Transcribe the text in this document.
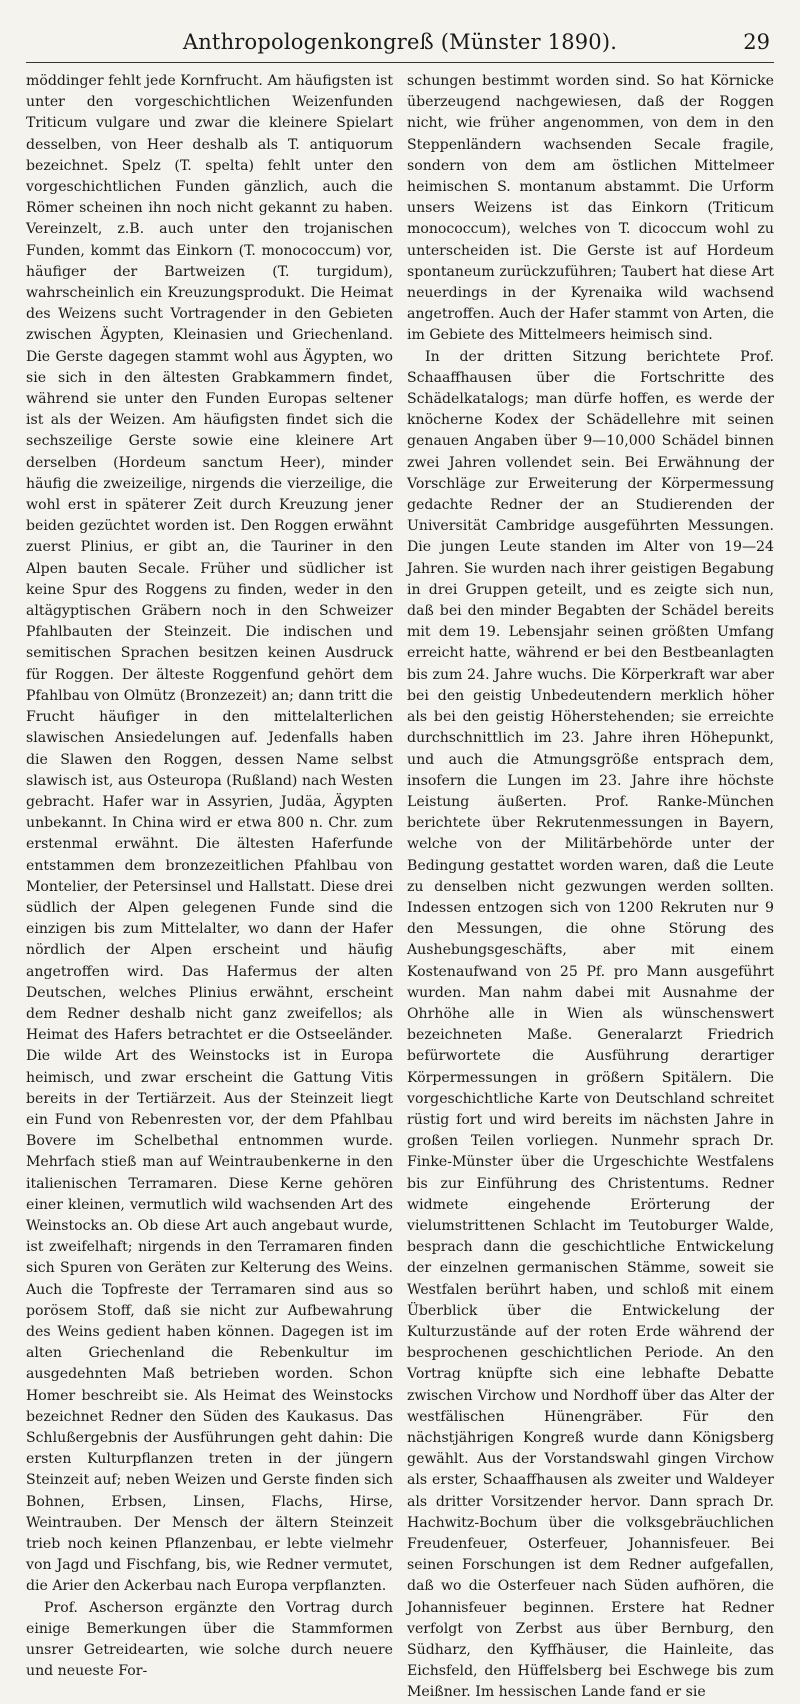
Anthropologenkongreß (Münster 1890).	29

möddinger fehlt jede Kornfrucht. Am häufigsten ist unter den vorgeschichtlichen Weizenfunden Triticum vulgare und zwar die kleinere Spielart desselben, von Heer deshalb als T. antiquorum bezeichnet. Spelz (T. spelta) fehlt unter den vorgeschichtlichen Funden gänzlich, auch die Römer scheinen ihn noch nicht gekannt zu haben. Vereinzelt, z.B. auch unter den trojanischen Funden, kommt das Einkorn (T. monococcum) vor, häufiger der Bartweizen (T. turgidum), wahrscheinlich ein Kreuzungsprodukt. Die Heimat des Weizens sucht Vortragender in den Gebieten zwischen Ägypten, Kleinasien und Griechenland. Die Gerste dagegen stammt wohl aus Ägypten, wo sie sich in den ältesten Grabkammern findet, während sie unter den Funden Europas seltener ist als der Weizen. Am häufigsten findet sich die sechszeilige Gerste sowie eine kleinere Art derselben (Hordeum sanctum Heer), minder häufig die zweizeilige, nirgends die vierzeilige, die wohl erst in späterer Zeit durch Kreuzung jener beiden gezüchtet worden ist. Den Roggen erwähnt zuerst Plinius, er gibt an, die Tauriner in den Alpen bauten Secale. Früher und südlicher ist keine Spur des Roggens zu finden, weder in den altägyptischen Gräbern noch in den Schweizer Pfahlbauten der Steinzeit. Die indischen und semitischen Sprachen besitzen keinen Ausdruck für Roggen. Der älteste Roggenfund gehört dem Pfahlbau von Olmütz (Bronzezeit) an; dann tritt die Frucht häufiger in den mittelalterlichen slawischen Ansiedelungen auf. Jedenfalls haben die Slawen den Roggen, dessen Name selbst slawisch ist, aus Osteuropa (Rußland) nach Westen gebracht. Hafer war in Assyrien, Judäa, Ägypten unbekannt. In China wird er etwa 800 n. Chr. zum erstenmal erwähnt. Die ältesten Haferfunde entstammen dem bronzezeitlichen Pfahlbau von Montelier, der Petersinsel und Hallstatt. Diese drei südlich der Alpen gelegenen Funde sind die einzigen bis zum Mittelalter, wo dann der Hafer nördlich der Alpen erscheint und häufig angetroffen wird. Das Hafermus der alten Deutschen, welches Plinius erwähnt, erscheint dem Redner deshalb nicht ganz zweifellos; als Heimat des Hafers betrachtet er die Ostseeländer. Die wilde Art des Weinstocks ist in Europa heimisch, und zwar erscheint die Gattung Vitis bereits in der Tertiärzeit. Aus der Steinzeit liegt ein Fund von Rebenresten vor, der dem Pfahlbau Bovere im Schelbethal entnommen wurde. Mehrfach stieß man auf Weintraubenkerne in den italienischen Terramaren. Diese Kerne gehören einer kleinen, vermutlich wild wachsenden Art des Weinstocks an. Ob diese Art auch angebaut wurde, ist zweifelhaft; nirgends in den Terramaren finden sich Spuren von Geräten zur Kelterung des Weins. Auch die Topfreste der Terramaren sind aus so porösem Stoff, daß sie nicht zur Aufbewahrung des Weins gedient haben können. Dagegen ist im alten Griechenland die Rebenkultur im ausgedehnten Maß betrieben worden. Schon Homer beschreibt sie. Als Heimat des Weinstocks bezeichnet Redner den Süden des Kaukasus. Das Schlußergebnis der Ausführungen geht dahin: Die ersten Kulturpflanzen treten in der jüngern Steinzeit auf; neben Weizen und Gerste finden sich Bohnen, Erbsen, Linsen, Flachs, Hirse, Weintrauben. Der Mensch der ältern Steinzeit trieb noch keinen Pflanzenbau, er lebte vielmehr von Jagd und Fischfang, bis, wie Redner vermutet, die Arier den Ackerbau nach Europa verpflanzten.

Prof. Ascherson ergänzte den Vortrag durch einige Bemerkungen über die Stammformen unsrer Getreidearten, wie solche durch neuere und neueste For-

schungen bestimmt worden sind. So hat Körnicke überzeugend nachgewiesen, daß der Roggen nicht, wie früher angenommen, von dem in den Steppenländern wachsenden Secale fragile, sondern von dem am östlichen Mittelmeer heimischen S. montanum abstammt. Die Urform unsers Weizens ist das Einkorn (Triticum monococcum), welches von T. dicoccum wohl zu unterscheiden ist. Die Gerste ist auf Hordeum spontaneum zurückzuführen; Taubert hat diese Art neuerdings in der Kyrenaika wild wachsend angetroffen. Auch der Hafer stammt von Arten, die im Gebiete des Mittelmeers heimisch sind.

In der dritten Sitzung berichtete Prof. Schaaffhausen über die Fortschritte des Schädelkatalogs; man dürfe hoffen, es werde der knöcherne Kodex der Schädellehre mit seinen genauen Angaben über 9—10,000 Schädel binnen zwei Jahren vollendet sein. Bei Erwähnung der Vorschläge zur Erweiterung der Körpermessung gedachte Redner der an Studierenden der Universität Cambridge ausgeführten Messungen. Die jungen Leute standen im Alter von 19—24 Jahren. Sie wurden nach ihrer geistigen Begabung in drei Gruppen geteilt, und es zeigte sich nun, daß bei den minder Begabten der Schädel bereits mit dem 19. Lebensjahr seinen größten Umfang erreicht hatte, während er bei den Bestbeanlagten bis zum 24. Jahre wuchs. Die Körperkraft war aber bei den geistig Unbedeutendern merklich höher als bei den geistig Höherstehenden; sie erreichte durchschnittlich im 23. Jahre ihren Höhepunkt, und auch die Atmungsgröße entsprach dem, insofern die Lungen im 23. Jahre ihre höchste Leistung äußerten. Prof. Ranke-München berichtete über Rekrutenmessungen in Bayern, welche von der Militärbehörde unter der Bedingung gestattet worden waren, daß die Leute zu denselben nicht gezwungen werden sollten. Indessen entzogen sich von 1200 Rekruten nur 9 den Messungen, die ohne Störung des Aushebungsgeschäfts, aber mit einem Kostenaufwand von 25 Pf. pro Mann ausgeführt wurden. Man nahm dabei mit Ausnahme der Ohrhöhe alle in Wien als wünschenswert bezeichneten Maße. Generalarzt Friedrich befürwortete die Ausführung derartiger Körpermessungen in größern Spitälern. Die vorgeschichtliche Karte von Deutschland schreitet rüstig fort und wird bereits im nächsten Jahre in großen Teilen vorliegen. Nunmehr sprach Dr. Finke-Münster über die Urgeschichte Westfalens bis zur Einführung des Christentums. Redner widmete eingehende Erörterung der vielumstrittenen Schlacht im Teutoburger Walde, besprach dann die geschichtliche Entwickelung der einzelnen germanischen Stämme, soweit sie Westfalen berührt haben, und schloß mit einem Überblick über die Entwickelung der Kulturzustände auf der roten Erde während der besprochenen geschichtlichen Periode. An den Vortrag knüpfte sich eine lebhafte Debatte zwischen Virchow und Nordhoff über das Alter der westfälischen Hünengräber. Für den nächstjährigen Kongreß wurde dann Königsberg gewählt. Aus der Vorstandswahl gingen Virchow als erster, Schaaffhausen als zweiter und Waldeyer als dritter Vorsitzender hervor. Dann sprach Dr. Hachwitz-Bochum über die volksgebräuchlichen Freudenfeuer, Osterfeuer, Johannisfeuer. Bei seinen Forschungen ist dem Redner aufgefallen, daß wo die Osterfeuer nach Süden aufhören, die Johannisfeuer beginnen. Erstere hat Redner verfolgt von Zerbst aus über Bernburg, den Südharz, den Kyffhäuser, die Hainleite, das Eichsfeld, den Hüffelsberg bei Eschwege bis zum Meißner. Im hessischen Lande fand er sie
